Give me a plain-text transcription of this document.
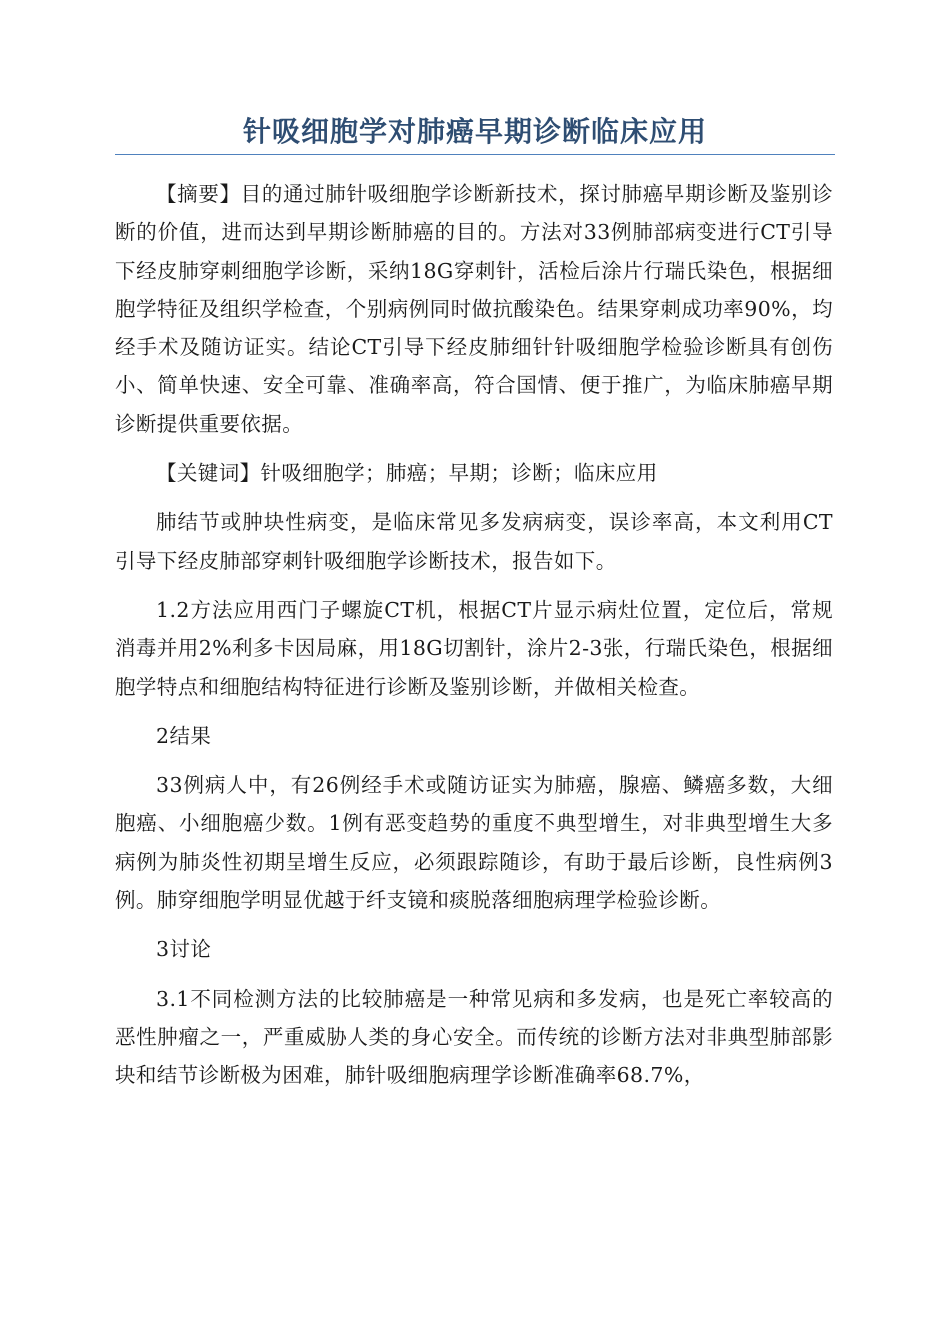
针吸细胞学对肺癌早期诊断临床应用

【摘要】目的通过肺针吸细胞学诊断新技术，探讨肺癌早期诊断及鉴别诊断的价值，进而达到早期诊断肺癌的目的。方法对33例肺部病变进行CT引导下经皮肺穿刺细胞学诊断，采纳18G穿刺针，活检后涂片行瑞氏染色，根据细胞学特征及组织学检查，个别病例同时做抗酸染色。结果穿刺成功率90%，均经手术及随访证实。结论CT引导下经皮肺细针针吸细胞学检验诊断具有创伤小、简单快速、安全可靠、准确率高，符合国情、便于推广，为临床肺癌早期诊断提供重要依据。

【关键词】针吸细胞学；肺癌；早期；诊断；临床应用

肺结节或肿块性病变，是临床常见多发病病变，误诊率高，本文利用CT引导下经皮肺部穿刺针吸细胞学诊断技术，报告如下。

1.2方法应用西门子螺旋CT机，根据CT片显示病灶位置，定位后，常规消毒并用2%利多卡因局麻，用18G切割针，涂片2-3张，行瑞氏染色，根据细胞学特点和细胞结构特征进行诊断及鉴别诊断，并做相关检查。

2结果

33例病人中，有26例经手术或随访证实为肺癌，腺癌、鳞癌多数，大细胞癌、小细胞癌少数。1例有恶变趋势的重度不典型增生，对非典型增生大多病例为肺炎性初期呈增生反应，必须跟踪随诊，有助于最后诊断，良性病例3例。肺穿细胞学明显优越于纤支镜和痰脱落细胞病理学检验诊断。

3讨论

3.1不同检测方法的比较肺癌是一种常见病和多发病，也是死亡率较高的恶性肿瘤之一，严重威胁人类的身心安全。而传统的诊断方法对非典型肺部影块和结节诊断极为困难，肺针吸细胞病理学诊断准确率68.7%，
